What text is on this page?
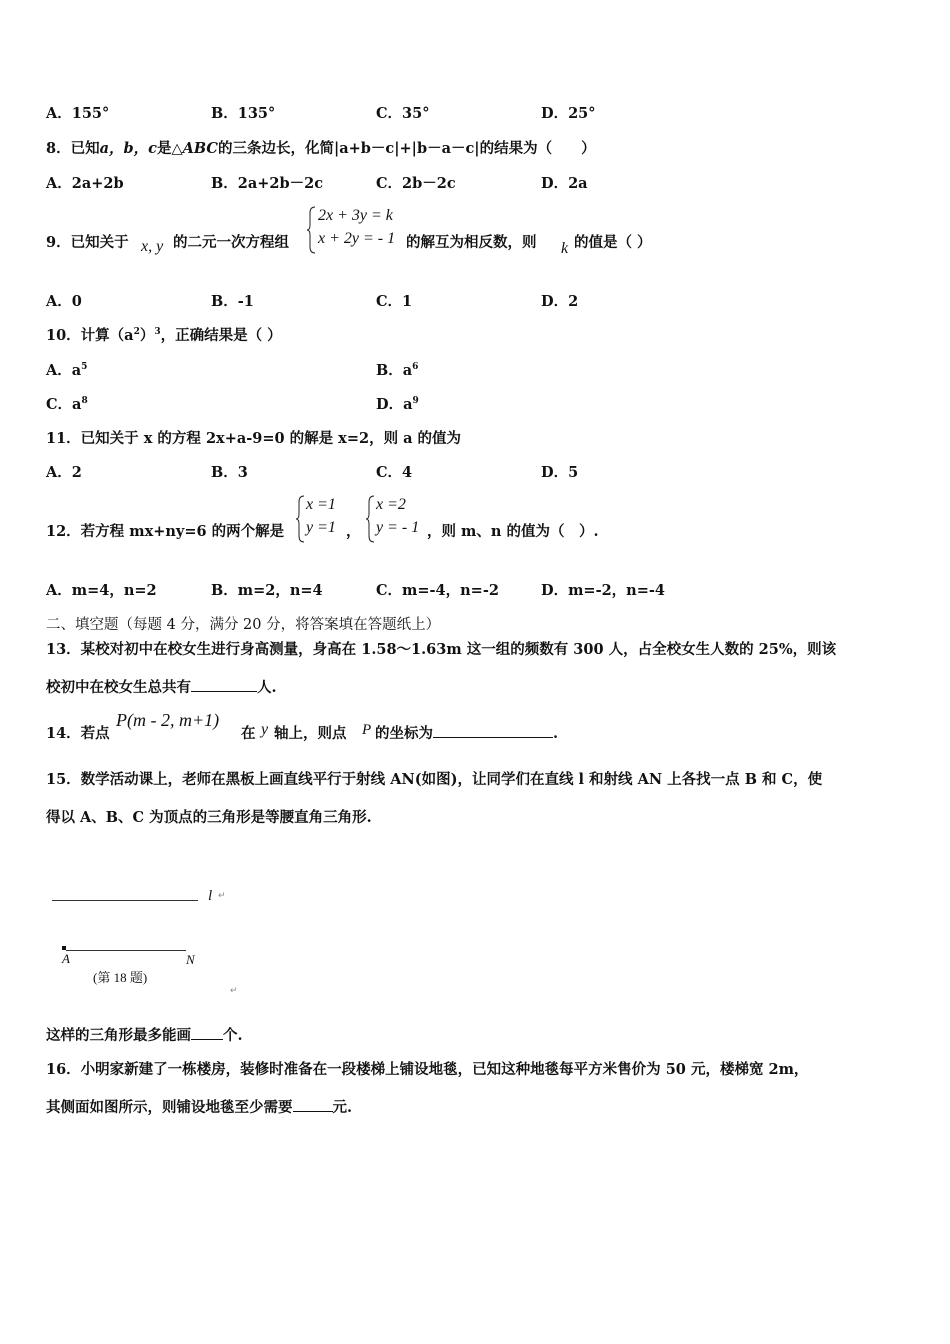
A．155°	B．135°	C．35°	D．25°
8．已知a，b，c是△ABC的三条边长，化简|a+b－c|+|b－a－c|的结果为（　　）
A．2a+2b	B．2a+2b－2c	C．2b－2c	D．2a
9．已知关于 x, y 的二元一次方程组
2x + 3y = k
x + 2y = - 1 的解互为相反数，则 k 的值是（ ）
A．0	B．-1	C．1	D．2
10．计算$(a^2)^3$，正确结果是（ ）
A．$a^5$	B．$a^6$
C．$a^8$	D．$a^9$
11．已知关于 x 的方程 2x+a-9=0 的解是 x=2，则 a 的值为
A．2	B．3	C．4	D．5
12．若方程 mx+ny=6 的两个解是
x =1
y =1 ，
x =2
y = - 1 ，则 m、n 的值为（　）.
A．m=4，n=2	B．m=2，n=4	C．m=-4，n=-2	D．m=-2，n=-4
二、填空题（每题 4 分，满分 20 分，将答案填在答题纸上）
13．某校对初中在校女生进行身高测量，身高在 1.58～1.63m 这一组的频数有 300 人，占全校女生人数的 25%，则该
校初中在校女生总共有	人.
14．若点
P(m - 2, m+1)
在 y 轴上，则点 P 的坐标为	.
15．数学活动课上，老师在黑板上画直线平行于射线 AN(如图)，让同学们在直线 l 和射线 AN 上各找一点 B 和 C，使
得以 A、B、C 为顶点的三角形是等腰直角三角形.
l ↵
A	N
(第 18 题)
↵
这样的三角形最多能画 个.
16．小明家新建了一栋楼房，装修时准备在一段楼梯上铺设地毯，已知这种地毯每平方米售价为 50 元，楼梯宽 2m，
其侧面如图所示，则铺设地毯至少需要	元.
